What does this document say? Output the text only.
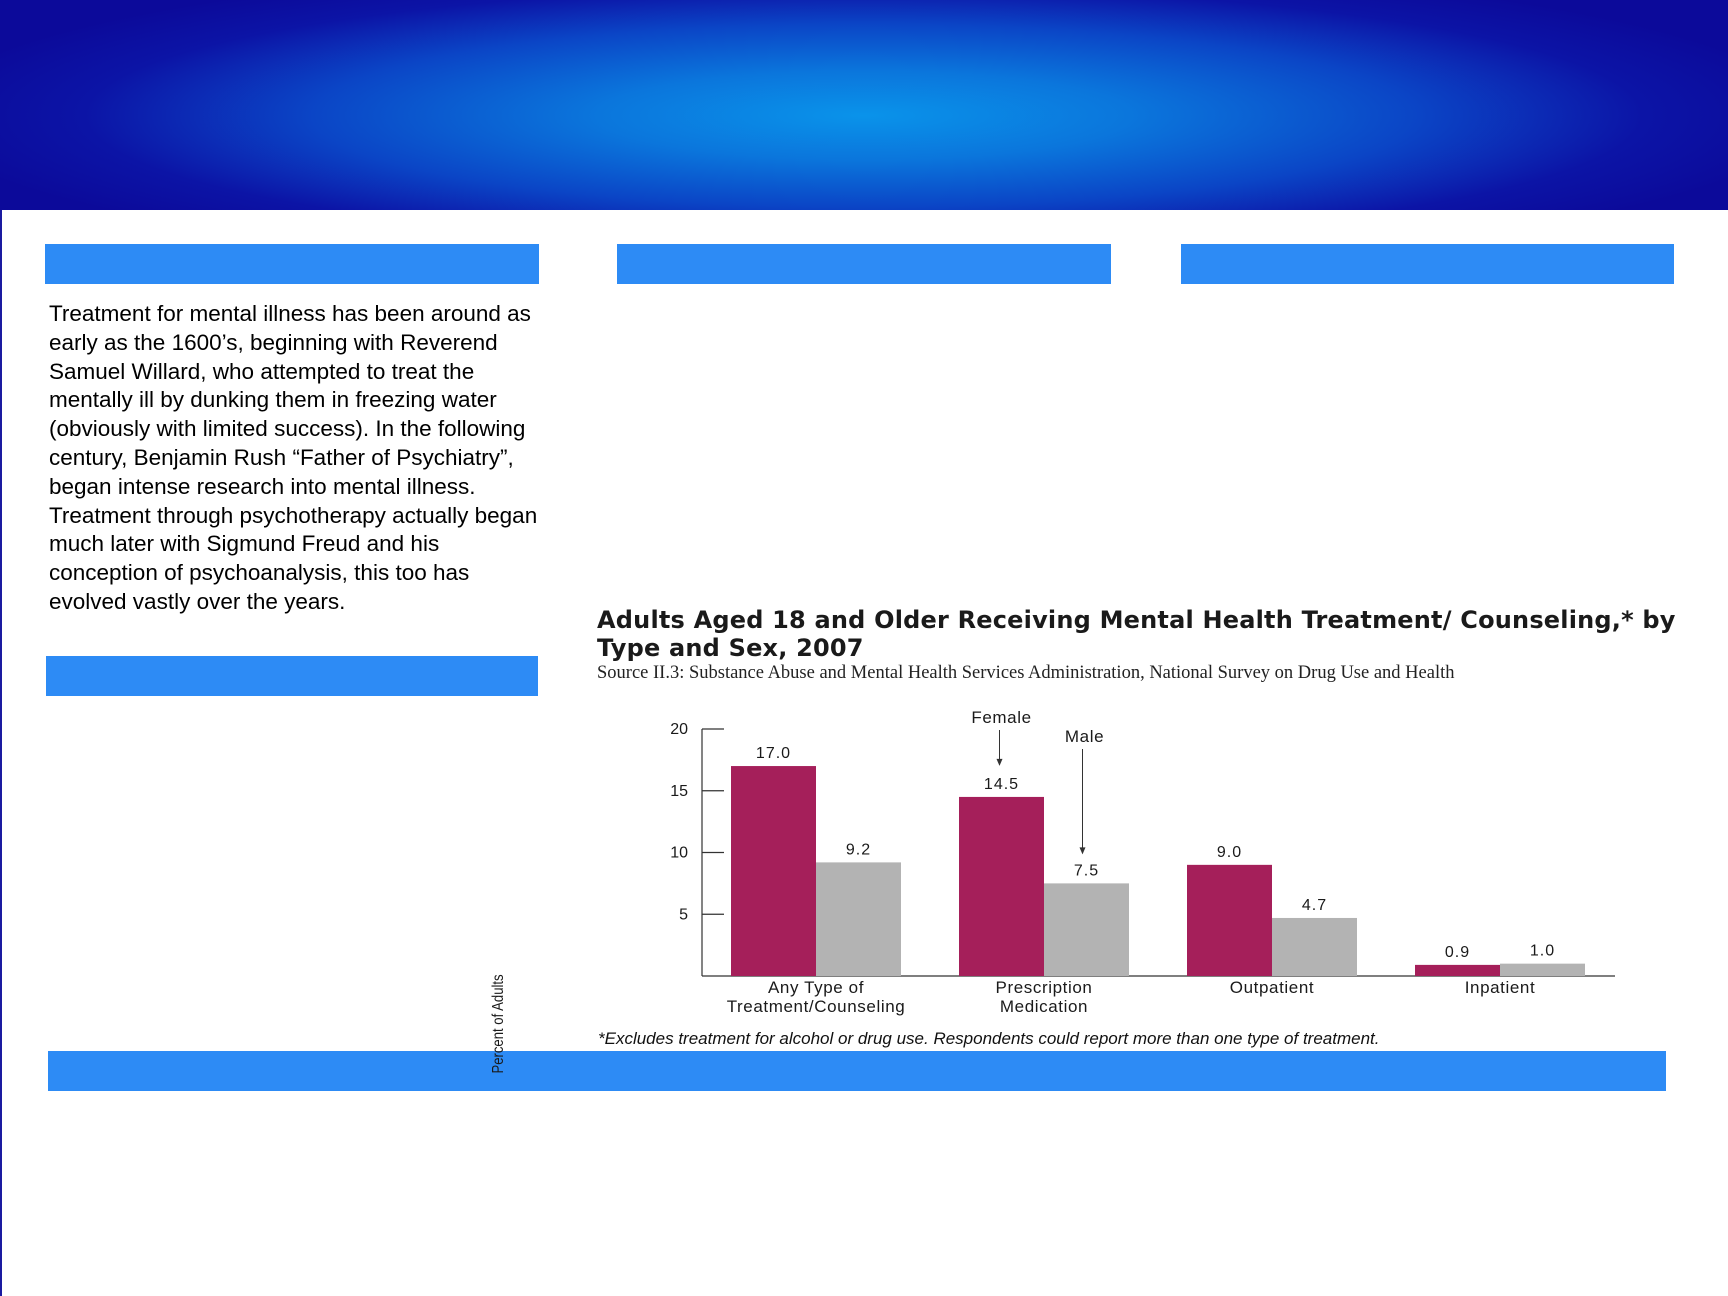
Treatment for mental illness has been around as early as the 1600’s, beginning with Reverend Samuel Willard, who attempted to treat the mentally ill by dunking them in freezing water (obviously with limited success). In the following century, Benjamin Rush “Father of Psychiatry”, began intense research into mental illness. Treatment through psychotherapy actually began much later with Sigmund Freud and his conception of psychoanalysis, this too has evolved vastly over the years.
Adults Aged 18 and Older Receiving Mental Health Treatment/ Counseling,* by Type and Sex, 2007
Source II.3: Substance Abuse and Mental Health Services Administration, National Survey on Drug Use and Health
5
10
15
20
Percent of Adults
17.0
14.5
9.0
0.9
9.2
7.5
4.7
1.0
Any Type of
Treatment/Counseling
Prescription
Medication
Outpatient	Inpatient
Female
Male
*Excludes treatment for alcohol or drug use. Respondents could report more than one type of treatment.
